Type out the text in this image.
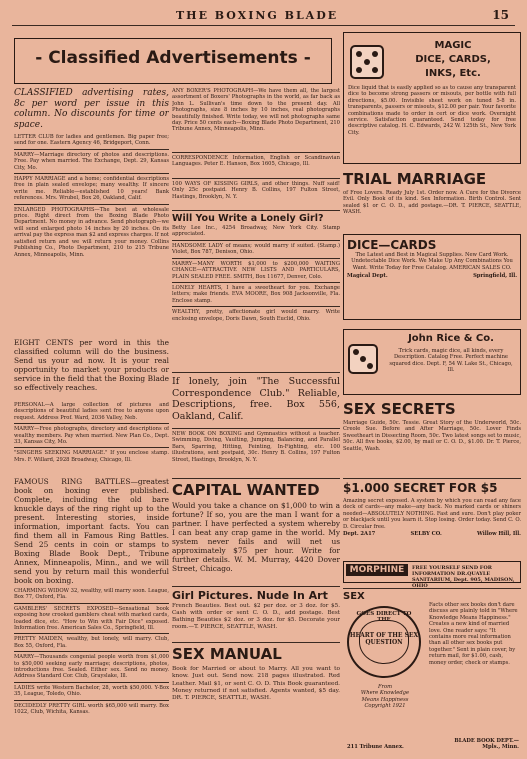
THE BOXING BLADE	15
- Classified Advertisements -

CLASSIFIED advertising rates, 8c per word per issue in this column. No discounts for time or space.

LETTER CLUB for ladies and gentlemen. Big paper free; send for one. Eastern Agency 46, Bridgeport, Conn.

MARRY—Marriage directory of photos and descriptions. Free. Pay when married. The Exchange, Dept. 29, Kansas City, Mo.

HAPPY MARRIAGE and a home; confidential descriptions free in plain sealed envelope; many wealthy. If sincere write me. Reliable—established 10 years! Bank references. Mrs. Wrubel, Box 26, Oakland, Calif.

ENLARGED PHOTOGRAPHS—The best at wholesale price. Right direct from the Boxing Blade Photo Department. No money in advance. Send photograph—we will send enlarged photo 14 inches by 20 inches. On its arrival pay the express man $2 and express charges. If not satisfied return and we will return your money. Collins Publishing Co., Photo Department, 210 to 215 Tribune Annex, Minneapolis, Minn.

EIGHT CENTS per word in this the classified column will do the business. Send us your ad now. It is your real opportunity to market your products or service in the field that the Boxing Blade so effectively reaches.

PERSONAL—A large collection of pictures and descriptions of beautiful ladies sent free to anyone upon request. Address Prof. Ward, 2036 Valley, Neb.

MARRY—Free photographs, directory and descriptions of wealthy members. Pay when married. New Plan Co., Dept. 33, Kansas City, Mo.

"SINGERS SEEKING MARRIAGE." If you enclose stamp. Mrs. F. Willard, 2928 Broadway, Chicago, Ill.

FAMOUS RING BATTLES—greatest book on boxing ever published. Complete, including the old bare knuckle days of the ring right up to the present. Interesting stories, inside information, important facts. You can find them all in Famous Ring Battles. Send 25 cents in coin or stamps to Boxing Blade Book Dept., Tribune Annex, Minneapolis, Minn., and we will send you by return mail this wonderful book on boxing.

CHARMING WIDOW 32, wealthy, will marry soon. League, Box 77, Oxford, Fla.

GAMBLERS' SECRETS EXPOSED—Sensational book exposing how crooked gamblers cheat with marked cards, loaded dice, etc. "How to Win with Fair Dice" exposed. Information free. American Sales Co., Springfield, Ill.

PRETTY MAIDEN, wealthy, but lonely, will marry. Club, Box 55, Oxford, Fla.

MARRY—Thousands congenial people worth from $1,000 to $50,000 seeking early marriage; descriptions, photos, introductions free. Sealed. Either sex. Send no money. Address Standard Cor. Club, Grayslake, Ill.

LADIES write Western Bachelor, 28, worth $50,000. Y-Box 35, League, Toledo, Ohio.

DECIDEDLY PRETTY GIRL worth $65,000 will marry. Box 1022, Club, Wichita, Kansas.

ANY BOXER'S PHOTOGRAPH—We have them all, the largest assortment of Boxers' Photographs in the world, as far back as John L. Sullivan's time down to the present day. All Photographs, size 8 inches by 10 inches, real photographs beautifully finished. Write today, we will not photographs same day. Price 50 cents each—Boxing Blade Photo Department, 210 Tribune Annex, Minneapolis, Minn.

CORRESPONDENCE Information, English or Scandinavian Languages. Peter E. Hanson, Box 1605, Chicago, Ill.

100 WAYS OF KISSING GIRLS, and other things. Nuff said! Only 25c postpaid. Henry B. Collins, 197 Fulton Street, Hastings, Brooklyn, N. Y.

Will You Write a Lonely Girl?

Betty Lee Inc., 4254 Broadway, New York City. Stamp appreciated.

HANDSOME LADY of means; would marry if suited. (Stamp.) Violet, Box 787, Denison, Ohio.

MARRY—MANY WORTH $1,000 to $200,000 WAITING CHANCE—ATTRACTIVE NEW LISTS AND PARTICULARS, PLAIN SEALED FREE. SMITH, Box 11677, Denver, Colo.

LONELY HEARTS, I have a sweetheart for you. Exchange letters; make friends. EVA MOORE, Box 908 Jacksonville, Fla. Enclose stamp.

WEALTHY, pretty, affectionate girl would marry. Write enclosing envelope, Doris Dawn, South Euclid, Ohio.

If lonely, join "The Successful Correspondence Club." Reliable, Descriptions, free. Box 556, Oakland, Calif.

NEW BOOK ON BOXING and Gymnastics without a teacher. Swimming, Diving, Vaulting, Jumping, Balancing, and Parallel Bars, Sparring, Hitting, Feinting, In-Fighting, etc. 100 illustrations, sent postpaid, 30c. Henry B. Collins, 197 Fulton Street, Hastings, Brooklyn, N. Y.

CAPITAL WANTED

Would you take a chance on $1,000 to win a fortune? If so, you are the man I want for a partner. I have perfected a system whereby I can beat any crap game in the world. My system never fails and will net us approximately $75 per hour. Write for further details. W. M. Murray, 4420 Dover Street, Chicago.

Girl Pictures. Nude In Art

French Beauties. Best out. $2 per doz. or 3 doz. for $5. Cash with order or sent C. O. D., add postage. Best Bathing Beauties $2 doz. or 3 doz. for $5. Decorate your room.—T. PIERCE, SEATTLE, WASH.

SEX MANUAL

Book for Married or about to Marry. All you want to know. Just out. Send now. 218 pages illustrated. Red Leather. Mail $1, or sent C. O. D. This Book guaranteed. Money returned if not satisfied. Agents wanted, $5 day. DR. T. PIERCE, SEATTLE, WASH.

MAGIC

DICE, CARDS,

INKS, Etc.

Dice liquid that is easily applied so as to cause any transparent dice to become strong passers or misouts, per bottle with full directions, $5.00. Invisible sheet work on tuned 5-8 in. transparents, passers or misouts, $12.00 per pair. Your favorite combinations made to order in cert or dice work. Overnight service. Satisfaction guaranteed. Send today for free descriptive catalog. H. C. Edwards, 242 W. 125th St., New York City.

TRIAL MARRIAGE

of Free Lovers. Ready July 1st. Order now. A Cure for the Divorce Evil. Only Book of its kind. Sex Information. Birth Control. Sent sealed $1 or C. O. D., add postage.—DR. T. PIERCE, SEATTLE, WASH.

DICE—CARDS

The Latest and Best in Magical Supplies. New Card Work. Undetectable Dice Work. We Make Up Any Combinations You Want. Write Today for Free Catalog. AMERICAN SALES CO.

Magical Dept.	Springfield, Ill.

John Rice & Co.

Trick cards, magic dice, all kinds, every Description. Catalog Free. Perfect machine squared dice. Dept. F, 54 W. Lake St., Chicago, Ill.

SEX SECRETS

Marriage Guide, 50c. Tessie. Great Story of the Underworld, 50c. Creole Sue. Before and After Marriage, 50c. Lover Finds Sweetheart in Dissecting Room, 50c. Two latest songs set to music, 50c. All five books, $2.00, by mail or C. O. D., $1.00. Dr. T. Pierce, Seattle, Wash.

$1.000 SECRET FOR $5

Amazing secret exposed. A system by which you can read any face deck of cards—any make—any back. No marked cards or shiners needed—ABSOLUTELY NOTHING. Fast and sure. Don't play poker or blackjack until you learn it. Stop losing. Order today. Send C. O. D. Circular free.

Dept. 2A17	SELBY CO.	Willow Hill, Ill.
MORPHINE	FREE YOURSELF SEND FOR INFORMATION DR.QUAYLE SANITARIUM, Dept. 905, MADISON, OHIO

SEX

GOES DIRECT TO THE
HEART OF THE SEX QUESTION

From

Where Knowledge

Means Happiness

Copyright 1921

Facts other sex books don't dare discuss are plainly told in "Where Knowledge Means Happiness." Creates a new kind of married love. One reader says: "It contains more real information than all other sex books put together." Sent in plain cover, by return mail, for $1.00, cash, money order, check or stamps.

BLADE BOOK DEPT.—

211 Tribune Annex.	Mpls., Minn.
